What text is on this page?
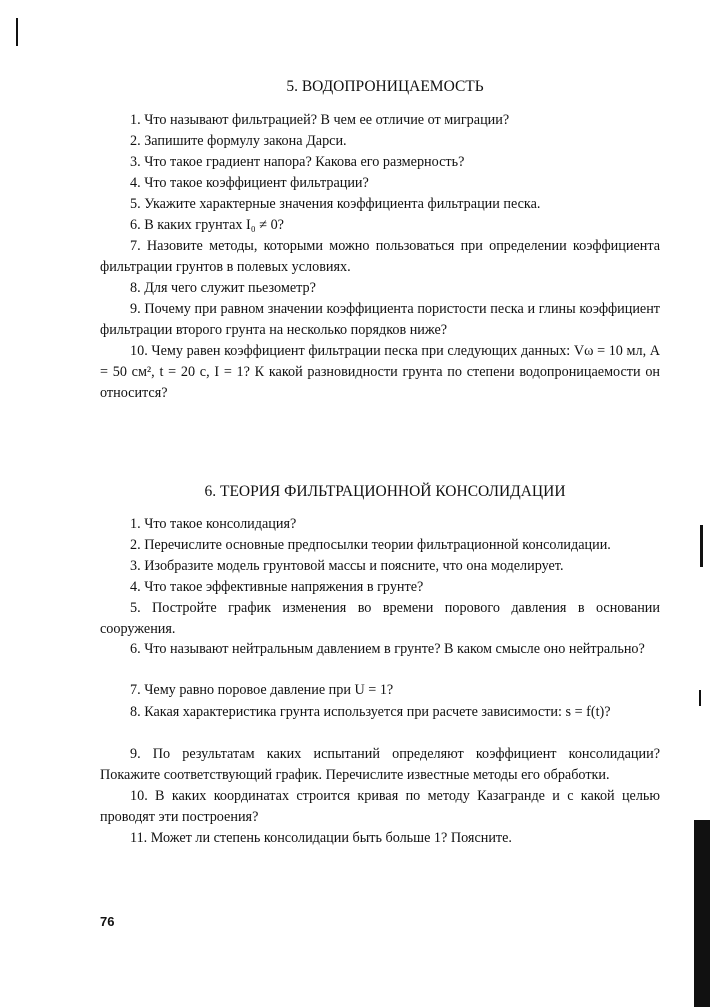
5. ВОДОПРОНИЦАЕМОСТЬ
1. Что называют фильтрацией? В чем ее отличие от миграции?
2. Запишите формулу закона Дарси.
3. Что такое градиент напора? Какова его размерность?
4. Что такое коэффициент фильтрации?
5. Укажите характерные значения коэффициента фильтрации песка.
6. В каких грунтах I₀ ≠ 0?
7. Назовите методы, которыми можно пользоваться при определении коэффициента фильтрации грунтов в полевых условиях.
8. Для чего служит пьезометр?
9. Почему при равном значении коэффициента пористости песка и глины коэффициент фильтрации второго грунта на несколько порядков ниже?
10. Чему равен коэффициент фильтрации песка при следующих данных: Vω = 10 мл, A = 50 см², t = 20 с, I = 1? К какой разновидности грунта по степени водопроницаемости он относится?
6. ТЕОРИЯ ФИЛЬТРАЦИОННОЙ КОНСОЛИДАЦИИ
1. Что такое консолидация?
2. Перечислите основные предпосылки теории фильтрационной консолидации.
3. Изобразите модель грунтовой массы и поясните, что она моделирует.
4. Что такое эффективные напряжения в грунте?
5. Постройте график изменения во времени порового давления в основании сооружения.
6. Что называют нейтральным давлением в грунте? В каком смысле оно нейтрально?
7. Чему равно поровое давление при U = 1?
8. Какая характеристика грунта используется при расчете зависимости: s = f(t)?
9. По результатам каких испытаний определяют коэффициент консолидации? Покажите соответствующий график. Перечислите известные методы его обработки.
10. В каких координатах строится кривая по методу Казагранде и с какой целью проводят эти построения?
11. Может ли степень консолидации быть больше 1? Поясните.
76
